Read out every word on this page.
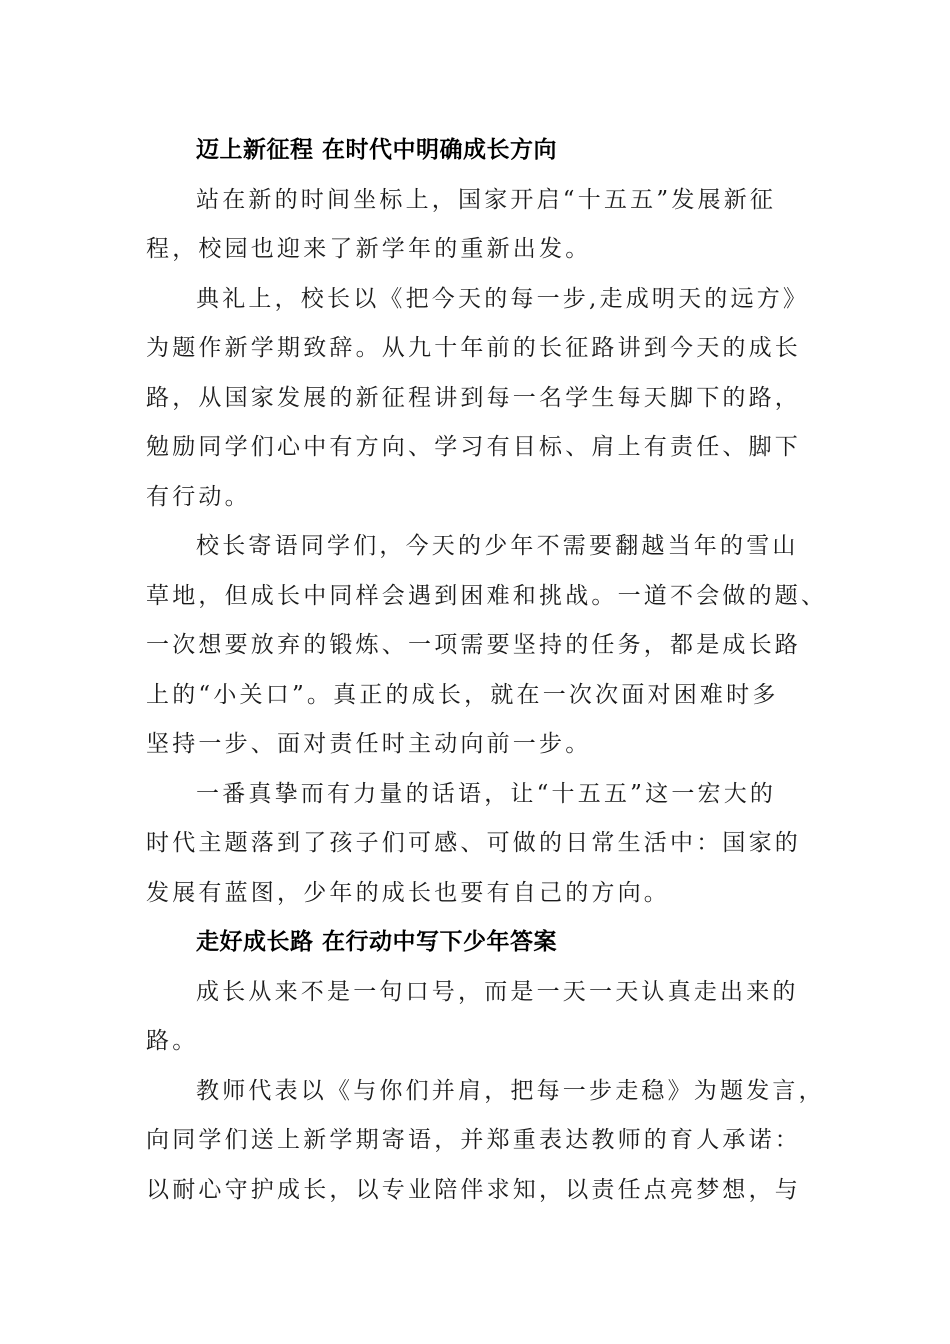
迈上新征程 在时代中明确成长方向

站在新的时间坐标上，国家开启“十五五”发展新征
程，校园也迎来了新学年的重新出发。

典礼上，校长以《把今天的每一步,走成明天的远方》
为题作新学期致辞。从九十年前的长征路讲到今天的成长
路，从国家发展的新征程讲到每一名学生每天脚下的路，
勉励同学们心中有方向、学习有目标、肩上有责任、脚下
有行动。

校长寄语同学们，今天的少年不需要翻越当年的雪山
草地，但成长中同样会遇到困难和挑战。一道不会做的题、
一次想要放弃的锻炼、一项需要坚持的任务，都是成长路
上的“小关口”。真正的成长，就在一次次面对困难时多
坚持一步、面对责任时主动向前一步。

一番真挚而有力量的话语，让“十五五”这一宏大的
时代主题落到了孩子们可感、可做的日常生活中：国家的
发展有蓝图，少年的成长也要有自己的方向。

走好成长路 在行动中写下少年答案

成长从来不是一句口号，而是一天一天认真走出来的
路。

教师代表以《与你们并肩，把每一步走稳》为题发言，
向同学们送上新学期寄语，并郑重表达教师的育人承诺：
以耐心守护成长，以专业陪伴求知，以责任点亮梦想，与
